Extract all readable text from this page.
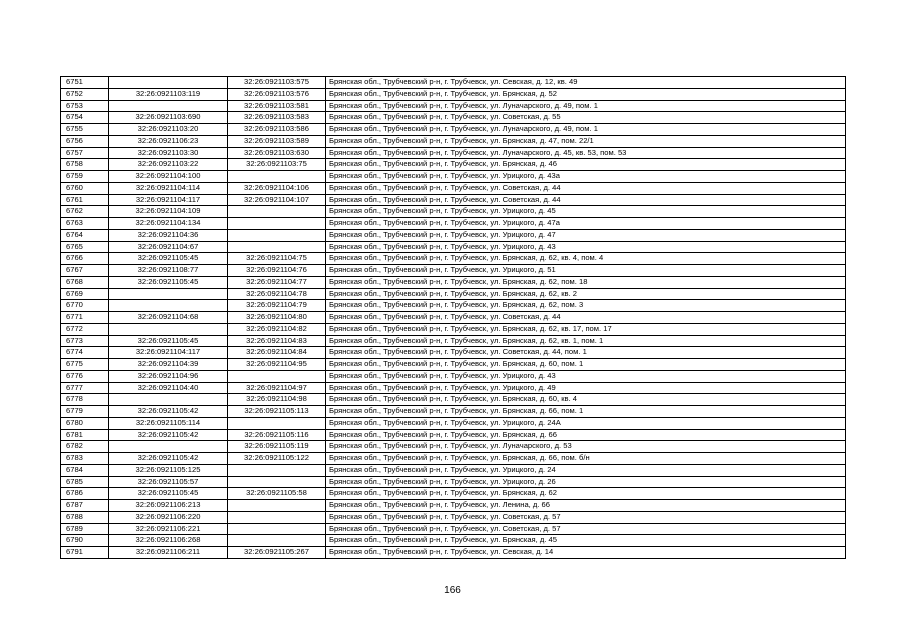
6751		32:26:0921103:575	Брянская обл., Трубчевский р-н, г. Трубчевск, ул. Севская, д. 12, кв. 49
6752	32:26:0921103:119	32:26:0921103:576	Брянская обл., Трубчевский р-н, г. Трубчевск, ул. Брянская, д. 52
6753		32:26:0921103:581	Брянская обл., Трубчевский р-н, г. Трубчевск, ул. Луначарского, д. 49, пом. 1
6754	32:26:0921103:690	32:26:0921103:583	Брянская обл., Трубчевский р-н, г. Трубчевск, ул. Советская, д. 55
6755	32:26:0921103:20	32:26:0921103:586	Брянская обл., Трубчевский р-н, г. Трубчевск, ул. Луначарского, д. 49, пом. 1
6756	32:26:0921106:23	32:26:0921103:589	Брянская обл., Трубчевский р-н, г. Трубчевск, ул. Брянская, д. 47, пом. 22/1
6757	32:26:0921103:30	32:26:0921103:630	Брянская обл., Трубчевский р-н, г. Трубчевск, ул. Луначарского, д. 45, кв. 53, пом. 53
6758	32:26:0921103:22	32:26:0921103:75	Брянская обл., Трубчевский р-н, г. Трубчевск, ул. Брянская, д. 46
6759	32:26:0921104:100		Брянская обл., Трубчевский р-н, г. Трубчевск, ул. Урицкого, д. 43а
6760	32:26:0921104:114	32:26:0921104:106	Брянская обл., Трубчевский р-н, г. Трубчевск, ул. Советская, д. 44
6761	32:26:0921104:117	32:26:0921104:107	Брянская обл., Трубчевский р-н, г. Трубчевск, ул. Советская, д. 44
6762	32:26:0921104:109		Брянская обл., Трубчевский р-н, г. Трубчевск, ул. Урицкого, д. 45
6763	32:26:0921104:134		Брянская обл., Трубчевский р-н, г. Трубчевск, ул. Урицкого, д. 47а
6764	32:26:0921104:36		Брянская обл., Трубчевский р-н, г. Трубчевск, ул. Урицкого, д. 47
6765	32:26:0921104:67		Брянская обл., Трубчевский р-н, г. Трубчевск, ул. Урицкого, д. 43
6766	32:26:0921105:45	32:26:0921104:75	Брянская обл., Трубчевский р-н, г. Трубчевск, ул. Брянская, д. 62, кв. 4, пом. 4
6767	32:26:0921108:77	32:26:0921104:76	Брянская обл., Трубчевский р-н, г. Трубчевск, ул. Урицкого, д. 51
6768	32:26:0921105:45	32:26:0921104:77	Брянская обл., Трубчевский р-н, г. Трубчевск, ул. Брянская, д. 62, пом. 18
6769		32:26:0921104:78	Брянская обл., Трубчевский р-н, г. Трубчевск, ул. Брянская, д. 62, кв. 2
6770		32:26:0921104:79	Брянская обл., Трубчевский р-н, г. Трубчевск, ул. Брянская, д. 62, пом. 3
6771	32:26:0921104:68	32:26:0921104:80	Брянская обл., Трубчевский р-н, г. Трубчевск, ул. Советская, д. 44
6772		32:26:0921104:82	Брянская обл., Трубчевский р-н, г. Трубчевск, ул. Брянская, д. 62, кв. 17, пом. 17
6773	32:26:0921105:45	32:26:0921104:83	Брянская обл., Трубчевский р-н, г. Трубчевск, ул. Брянская, д. 62, кв. 1, пом. 1
6774	32:26:0921104:117	32:26:0921104:84	Брянская обл., Трубчевский р-н, г. Трубчевск, ул. Советская, д. 44, пом. 1
6775	32:26:0921104:39	32:26:0921104:95	Брянская обл., Трубчевский р-н, г. Трубчевск, ул. Брянская, д. 60, пом. 1
6776	32:26:0921104:96		Брянская обл., Трубчевский р-н, г. Трубчевск, ул. Урицкого, д. 43
6777	32:26:0921104:40	32:26:0921104:97	Брянская обл., Трубчевский р-н, г. Трубчевск, ул. Урицкого, д. 49
6778		32:26:0921104:98	Брянская обл., Трубчевский р-н, г. Трубчевск, ул. Брянская, д. 60, кв. 4
6779	32:26:0921105:42	32:26:0921105:113	Брянская обл., Трубчевский р-н, г. Трубчевск, ул. Брянская, д. 66, пом. 1
6780	32:26:0921105:114		Брянская обл., Трубчевский р-н, г. Трубчевск, ул. Урицкого, д. 24А
6781	32:26:0921105:42	32:26:0921105:116	Брянская обл., Трубчевский р-н, г. Трубчевск, ул. Брянская, д. 66
6782		32:26:0921105:119	Брянская обл., Трубчевский р-н, г. Трубчевск, ул. Луначарского, д. 53
6783	32:26:0921105:42	32:26:0921105:122	Брянская обл., Трубчевский р-н, г. Трубчевск, ул. Брянская, д. 66, пом. б/н
6784	32:26:0921105:125		Брянская обл., Трубчевский р-н, г. Трубчевск, ул. Урицкого, д. 24
6785	32:26:0921105:57		Брянская обл., Трубчевский р-н, г. Трубчевск, ул. Урицкого, д. 26
6786	32:26:0921105:45	32:26:0921105:58	Брянская обл., Трубчевский р-н, г. Трубчевск, ул. Брянская, д. 62
6787	32:26:0921106:213		Брянская обл., Трубчевский р-н, г. Трубчевск, ул. Ленина, д. 66
6788	32:26:0921106:220		Брянская обл., Трубчевский р-н, г. Трубчевск, ул. Советская, д. 57
6789	32:26:0921106:221		Брянская обл., Трубчевский р-н, г. Трубчевск, ул. Советская, д. 57
6790	32:26:0921106:268		Брянская обл., Трубчевский р-н, г. Трубчевск, ул. Брянская, д. 45
6791	32:26:0921106:211	32:26:0921105:267	Брянская обл., Трубчевский р-н, г. Трубчевск, ул. Севская, д. 14
166
